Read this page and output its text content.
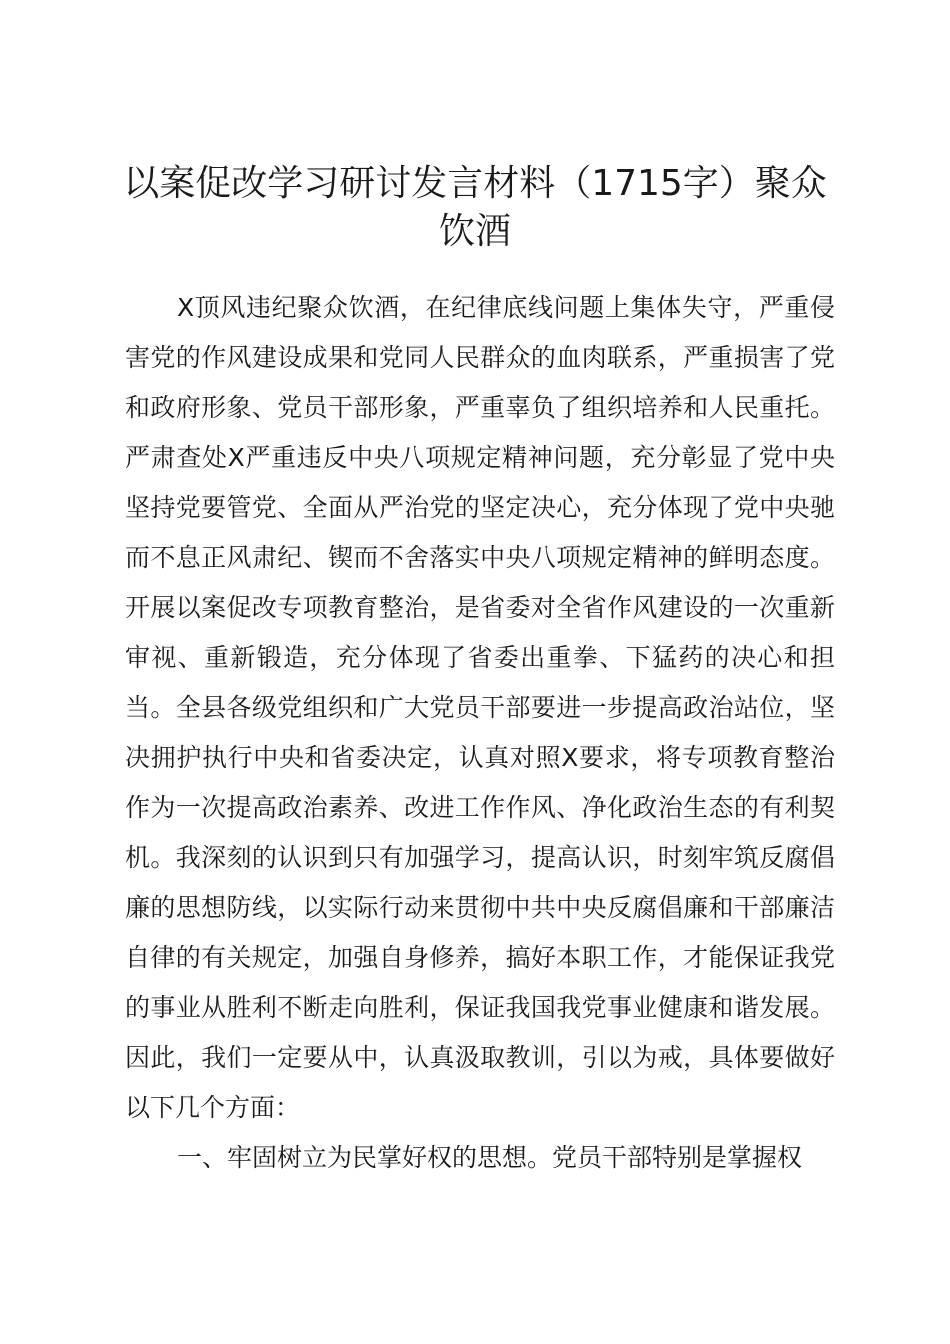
以案促改学习研讨发言材料（1715字）聚众饮酒

X顶风违纪聚众饮酒，在纪律底线问题上集体失守，严重侵害党的作风建设成果和党同人民群众的血肉联系，严重损害了党和政府形象、党员干部形象，严重辜负了组织培养和人民重托。严肃查处X严重违反中央八项规定精神问题，充分彰显了党中央坚持党要管党、全面从严治党的坚定决心，充分体现了党中央驰而不息正风肃纪、锲而不舍落实中央八项规定精神的鲜明态度。开展以案促改专项教育整治，是省委对全省作风建设的一次重新审视、重新锻造，充分体现了省委出重拳、下猛药的决心和担当。全县各级党组织和广大党员干部要进一步提高政治站位，坚决拥护执行中央和省委决定，认真对照X要求，将专项教育整治作为一次提高政治素养、改进工作作风、净化政治生态的有利契机。我深刻的认识到只有加强学习，提高认识，时刻牢筑反腐倡廉的思想防线，以实际行动来贯彻中共中央反腐倡廉和干部廉洁自律的有关规定，加强自身修养，搞好本职工作，才能保证我党的事业从胜利不断走向胜利，保证我国我党事业健康和谐发展。因此，我们一定要从中，认真汲取教训，引以为戒，具体要做好以下几个方面：

一、牢固树立为民掌好权的思想。党员干部特别是掌握权
